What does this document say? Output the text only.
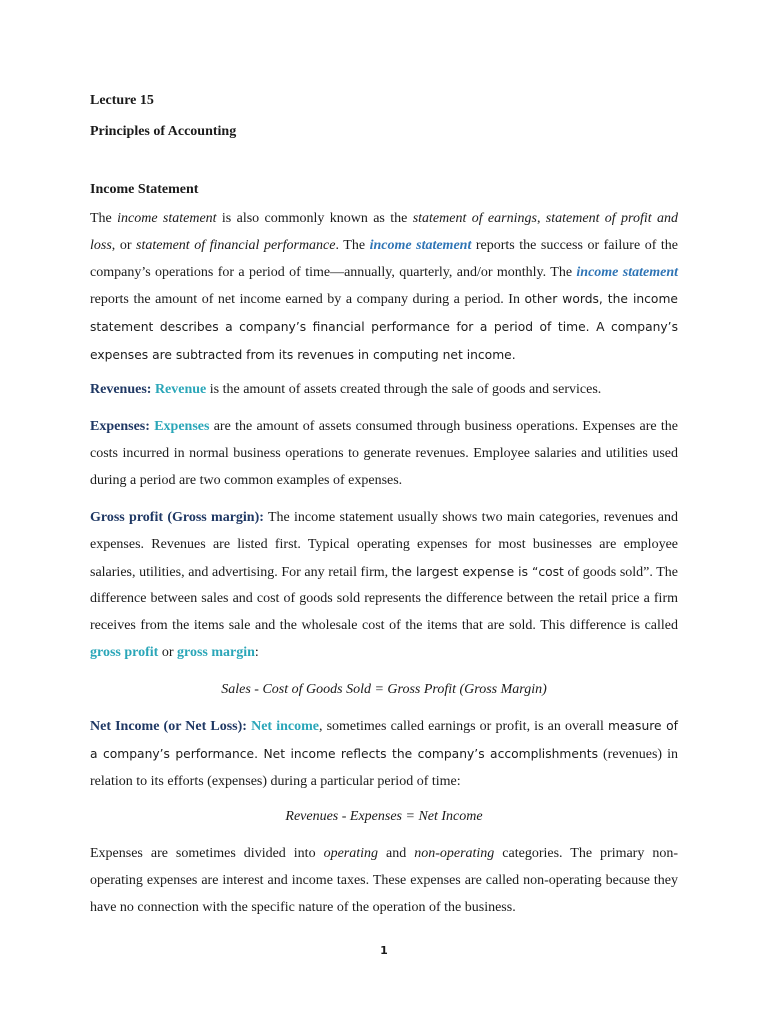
Lecture 15

Principles of Accounting

Income Statement

The income statement is also commonly known as the statement of earnings, statement of profit and loss, or statement of financial performance. The income statement reports the success or failure of the company’s operations for a period of time—annually, quarterly, and/or monthly. The income statement reports the amount of net income earned by a company during a period. In other words, the income statement describes a company’s financial performance for a period of time. A company’s expenses are subtracted from its revenues in computing net income.

Revenues: Revenue is the amount of assets created through the sale of goods and services.

Expenses: Expenses are the amount of assets consumed through business operations. Expenses are the costs incurred in normal business operations to generate revenues. Employee salaries and utilities used during a period are two common examples of expenses.

Gross profit (Gross margin): The income statement usually shows two main categories, revenues and expenses. Revenues are listed first. Typical operating expenses for most businesses are employee salaries, utilities, and advertising. For any retail firm, the largest expense is “cost of goods sold”. The difference between sales and cost of goods sold represents the difference between the retail price a firm receives from the items sale and the wholesale cost of the items that are sold. This difference is called gross profit or gross margin:

Sales - Cost of Goods Sold = Gross Profit (Gross Margin)

Net Income (or Net Loss): Net income, sometimes called earnings or profit, is an overall measure of a company’s performance. Net income reflects the company’s accomplishments (revenues) in relation to its efforts (expenses) during a particular period of time:

Revenues - Expenses = Net Income

Expenses are sometimes divided into operating and non-operating categories. The primary non-operating expenses are interest and income taxes. These expenses are called non-operating because they have no connection with the specific nature of the operation of the business.

1
